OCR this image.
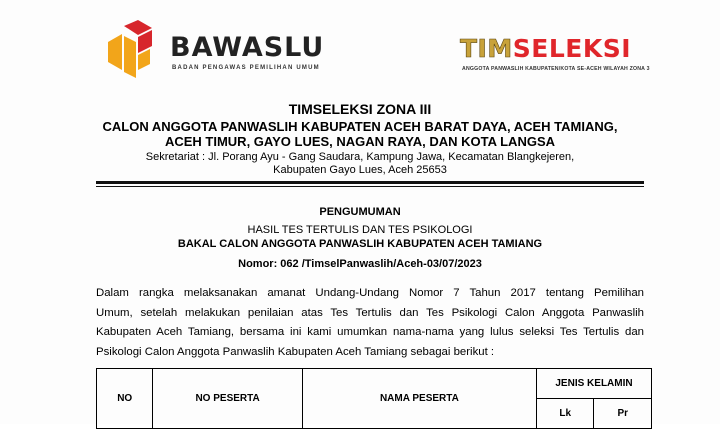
BAWASLU
BADAN PENGAWAS PEMILIHAN UMUM
TIMSELEKSI
ANGGOTA PANWASLIH KABUPATEN/KOTA SE-ACEH WILAYAH ZONA 3
TIMSELEKSI ZONA III
CALON ANGGOTA PANWASLIH KABUPATEN ACEH BARAT DAYA, ACEH TAMIANG,
ACEH TIMUR, GAYO LUES, NAGAN RAYA, DAN KOTA LANGSA
Sekretariat : Jl. Porang Ayu - Gang Saudara, Kampung Jawa, Kecamatan Blangkejeren,
Kabupaten Gayo Lues, Aceh 25653
PENGUMUMAN
HASIL TES TERTULIS DAN TES PSIKOLOGI
BAKAL CALON ANGGOTA PANWASLIH KABUPATEN ACEH TAMIANG
Nomor: 062 /TimselPanwaslih/Aceh-03/07/2023
Dalam rangka melaksanakan amanat Undang-Undang Nomor 7 Tahun 2017 tentang Pemilihan
Umum, setelah melakukan penilaian atas Tes Tertulis dan Tes Psikologi Calon Anggota Panwaslih
Kabupaten Aceh Tamiang, bersama ini kami umumkan nama-nama yang lulus seleksi Tes Tertulis dan
Psikologi Calon Anggota Panwaslih Kabupaten Aceh Tamiang sebagai berikut :
NO	NO PESERTA	NAMA PESERTA	JENIS KELAMIN	
			Lk	Pr
